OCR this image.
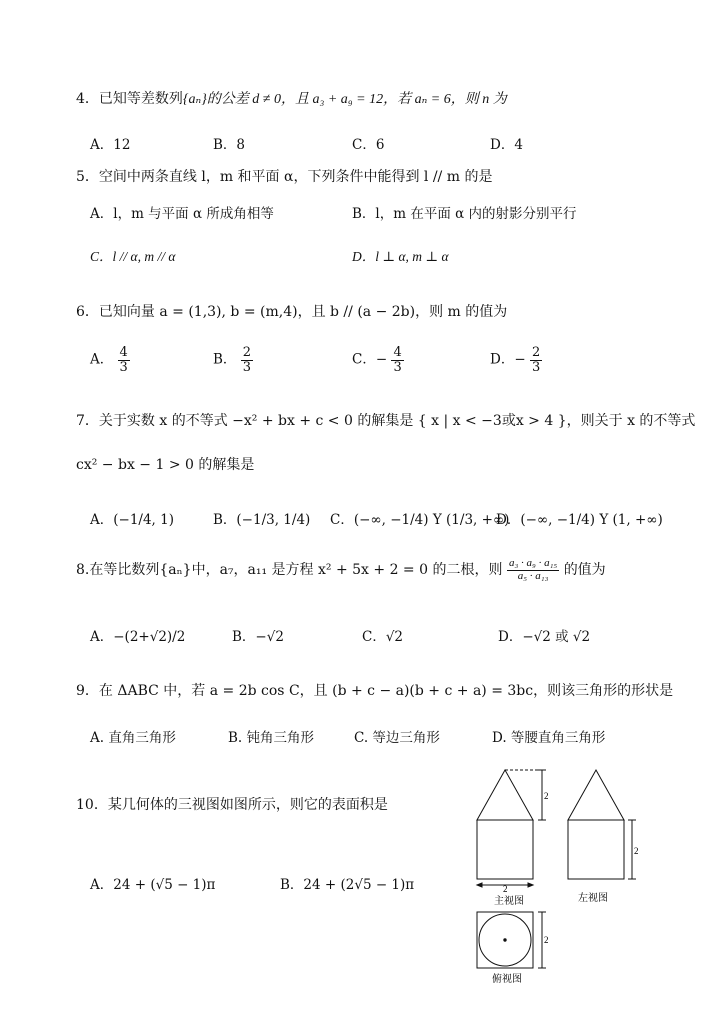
4．已知等差数列{aₙ}的公差 d ≠ 0，且 a₃ + a₉ = 12，若 aₙ = 6，则 n 为
A．12	B．8	C．6	D．4
5．空间中两条直线 l，m 和平面 α，下列条件中能得到 l // m 的是
A．l，m 与平面 α 所成角相等	B．l，m 在平面 α 内的射影分别平行
C．l // α, m // α	D．l ⊥ α, m ⊥ α
6．已知向量 a = (1,3), b = (m,4)，且 b // (a − 2b)，则 m 的值为
A． $\frac{4}{3}$	B． $\frac{2}{3}$	C．− $\frac{4}{3}$	D．− $\frac{2}{3}$
7．关于实数 x 的不等式 −x² + bx + c < 0 的解集是 { x | x < −3或x > 4 }，则关于 x 的不等式
cx² − bx − 1 > 0 的解集是
A．(−1/4, 1)	B．(−1/3, 1/4) C．(−∞, −1/4) Y (1/3, +∞)
D．(−∞, −1/4) Y (1, +∞)
8.在等比数列{aₙ}中，a₇，a₁₁ 是方程 x² + 5x + 2 = 0 的二根，则 $\frac{\text{a₃ · a₉ · a₁₅}}{\text{a₅ · a₁₃}}$ 的值为
A．−(2+√2)/2	B．−√2	C．√2	D．−√2 或 √2
9．在 ΔABC 中，若 a = 2b cos C，且 (b + c − a)(b + c + a) = 3bc，则该三角形的形状是
A. 直角三角形	B. 钝角三角形	C. 等边三角形	D. 等腰直角三角形
10．某几何体的三视图如图所示，则它的表面积是
A．24 + (√5 − 1)π	B．24 + (2√5 − 1)π
2
2
主视图
2
左视图
2
俯视图
